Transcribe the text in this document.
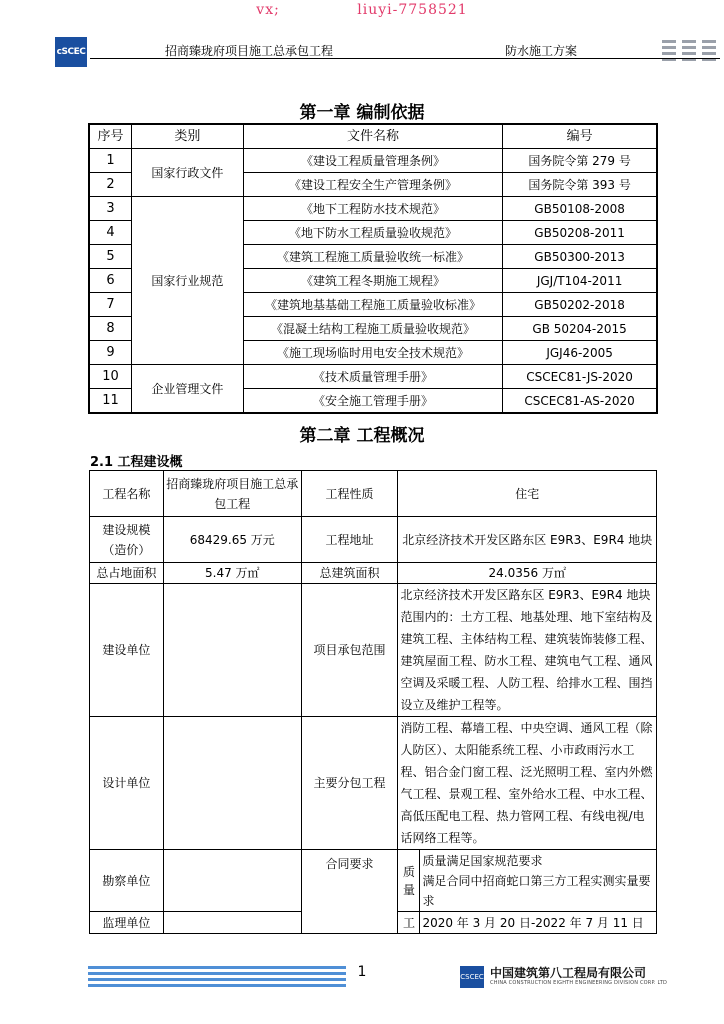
vx;	liuyi-7758521
cSCEC	招商臻珑府项目施工总承包工程	防水施工方案
第一章 编制依据
序号	类别	文件名称	编号
1	国家行政文件	《建设工程质量管理条例》	国务院令第 279 号
2		《建设工程安全生产管理条例》	国务院令第 393 号
3	国家行业规范	《地下工程防水技术规范》	GB50108-2008
4		《地下防水工程质量验收规范》	GB50208-2011
5		《建筑工程施工质量验收统一标准》	GB50300-2013
6		《建筑工程冬期施工规程》	JGJ/T104-2011
7		《建筑地基基础工程施工质量验收标准》	GB50202-2018
8		《混凝土结构工程施工质量验收规范》	GB 50204-2015
9		《施工现场临时用电安全技术规范》	JGJ46-2005
10	企业管理文件	《技术质量管理手册》	CSCEC81-JS-2020
11		《安全施工管理手册》	CSCEC81-AS-2020
第二章 工程概况
2.1 工程建设概
工程名称	招商臻珑府项目施工总承包工程	工程性质	住宅	
建设规模（造价）	68429.65 万元	工程地址	北京经济技术开发区路东区 E9R3、E9R4 地块	
总占地面积	5.47 万㎡	总建筑面积	24.0356 万㎡	
建设单位		项目承包范围	北京经济技术开发区路东区 E9R3、E9R4 地块范围内的：土方工程、地基处理、地下室结构及建筑工程、主体结构工程、建筑装饰装修工程、建筑屋面工程、防水工程、建筑电气工程、通风空调及采暖工程、人防工程、给排水工程、围挡设立及维护工程等。	
设计单位		主要分包工程	消防工程、幕墙工程、中央空调、通风工程（除人防区）、太阳能系统工程、小市政雨污水工程、铝合金门窗工程、泛光照明工程、室内外燃气工程、景观工程、室外给水工程、中水工程、高低压配电工程、热力管网工程、有线电视/电话网络工程等。	
勘察单位		合同要求	质量	质量满足国家规范要求
满足合同中招商蛇口第三方工程实测实量要求
监理单位			工	2020 年 3 月 20 日-2022 年 7 月 11 日
1	CSCEC 中国建筑第八工程局有限公司
CHINA CONSTRUCTION EIGHTH ENGINEERING DIVISION CORP. LTD
